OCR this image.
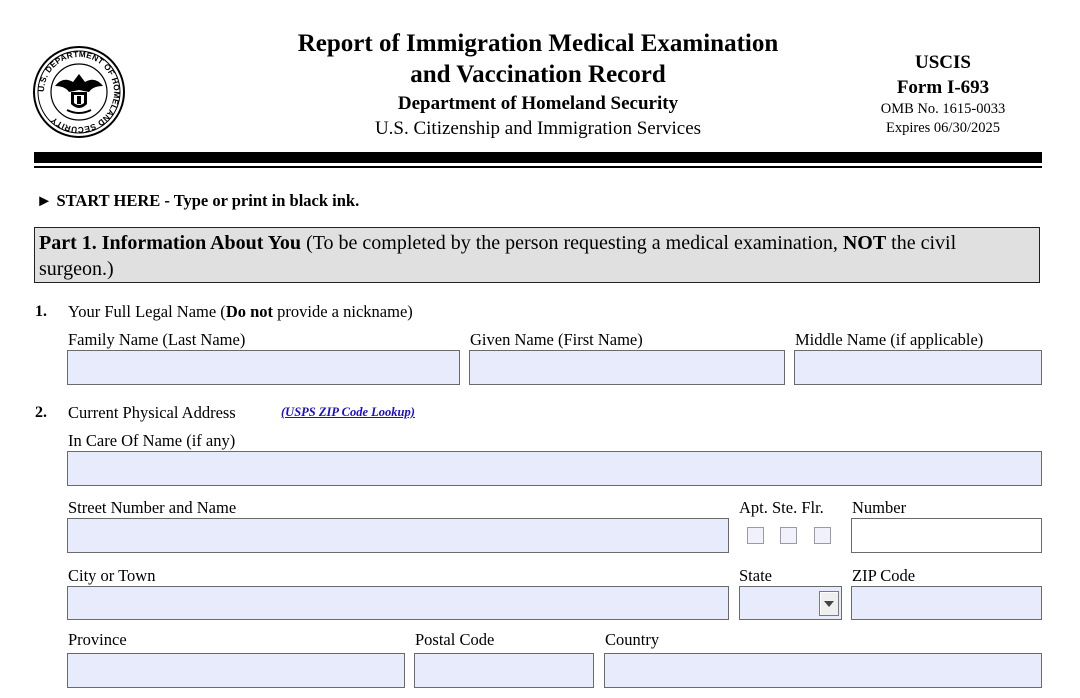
U.S. DEPARTMENT OF HOMELAND SECURITY
Report of Immigration Medical Examination
and Vaccination Record
Department of Homeland Security
U.S. Citizenship and Immigration Services
USCIS
Form I-693
OMB No. 1615-0033
Expires 06/30/2025
► START HERE - Type or print in black ink.
Part 1. Information About You (To be completed by the person requesting a medical examination, NOT the civil surgeon.)
1. Your Full Legal Name (Do not provide a nickname)
Family Name (Last Name)	Given Name (First Name)	Middle Name (if applicable)
2. Current Physical Address	(USPS ZIP Code Lookup)
In Care Of Name (if any)
Street Number and Name	Apt. Ste. Flr. Number
City or Town	State	ZIP Code
Province	Postal Code	Country
